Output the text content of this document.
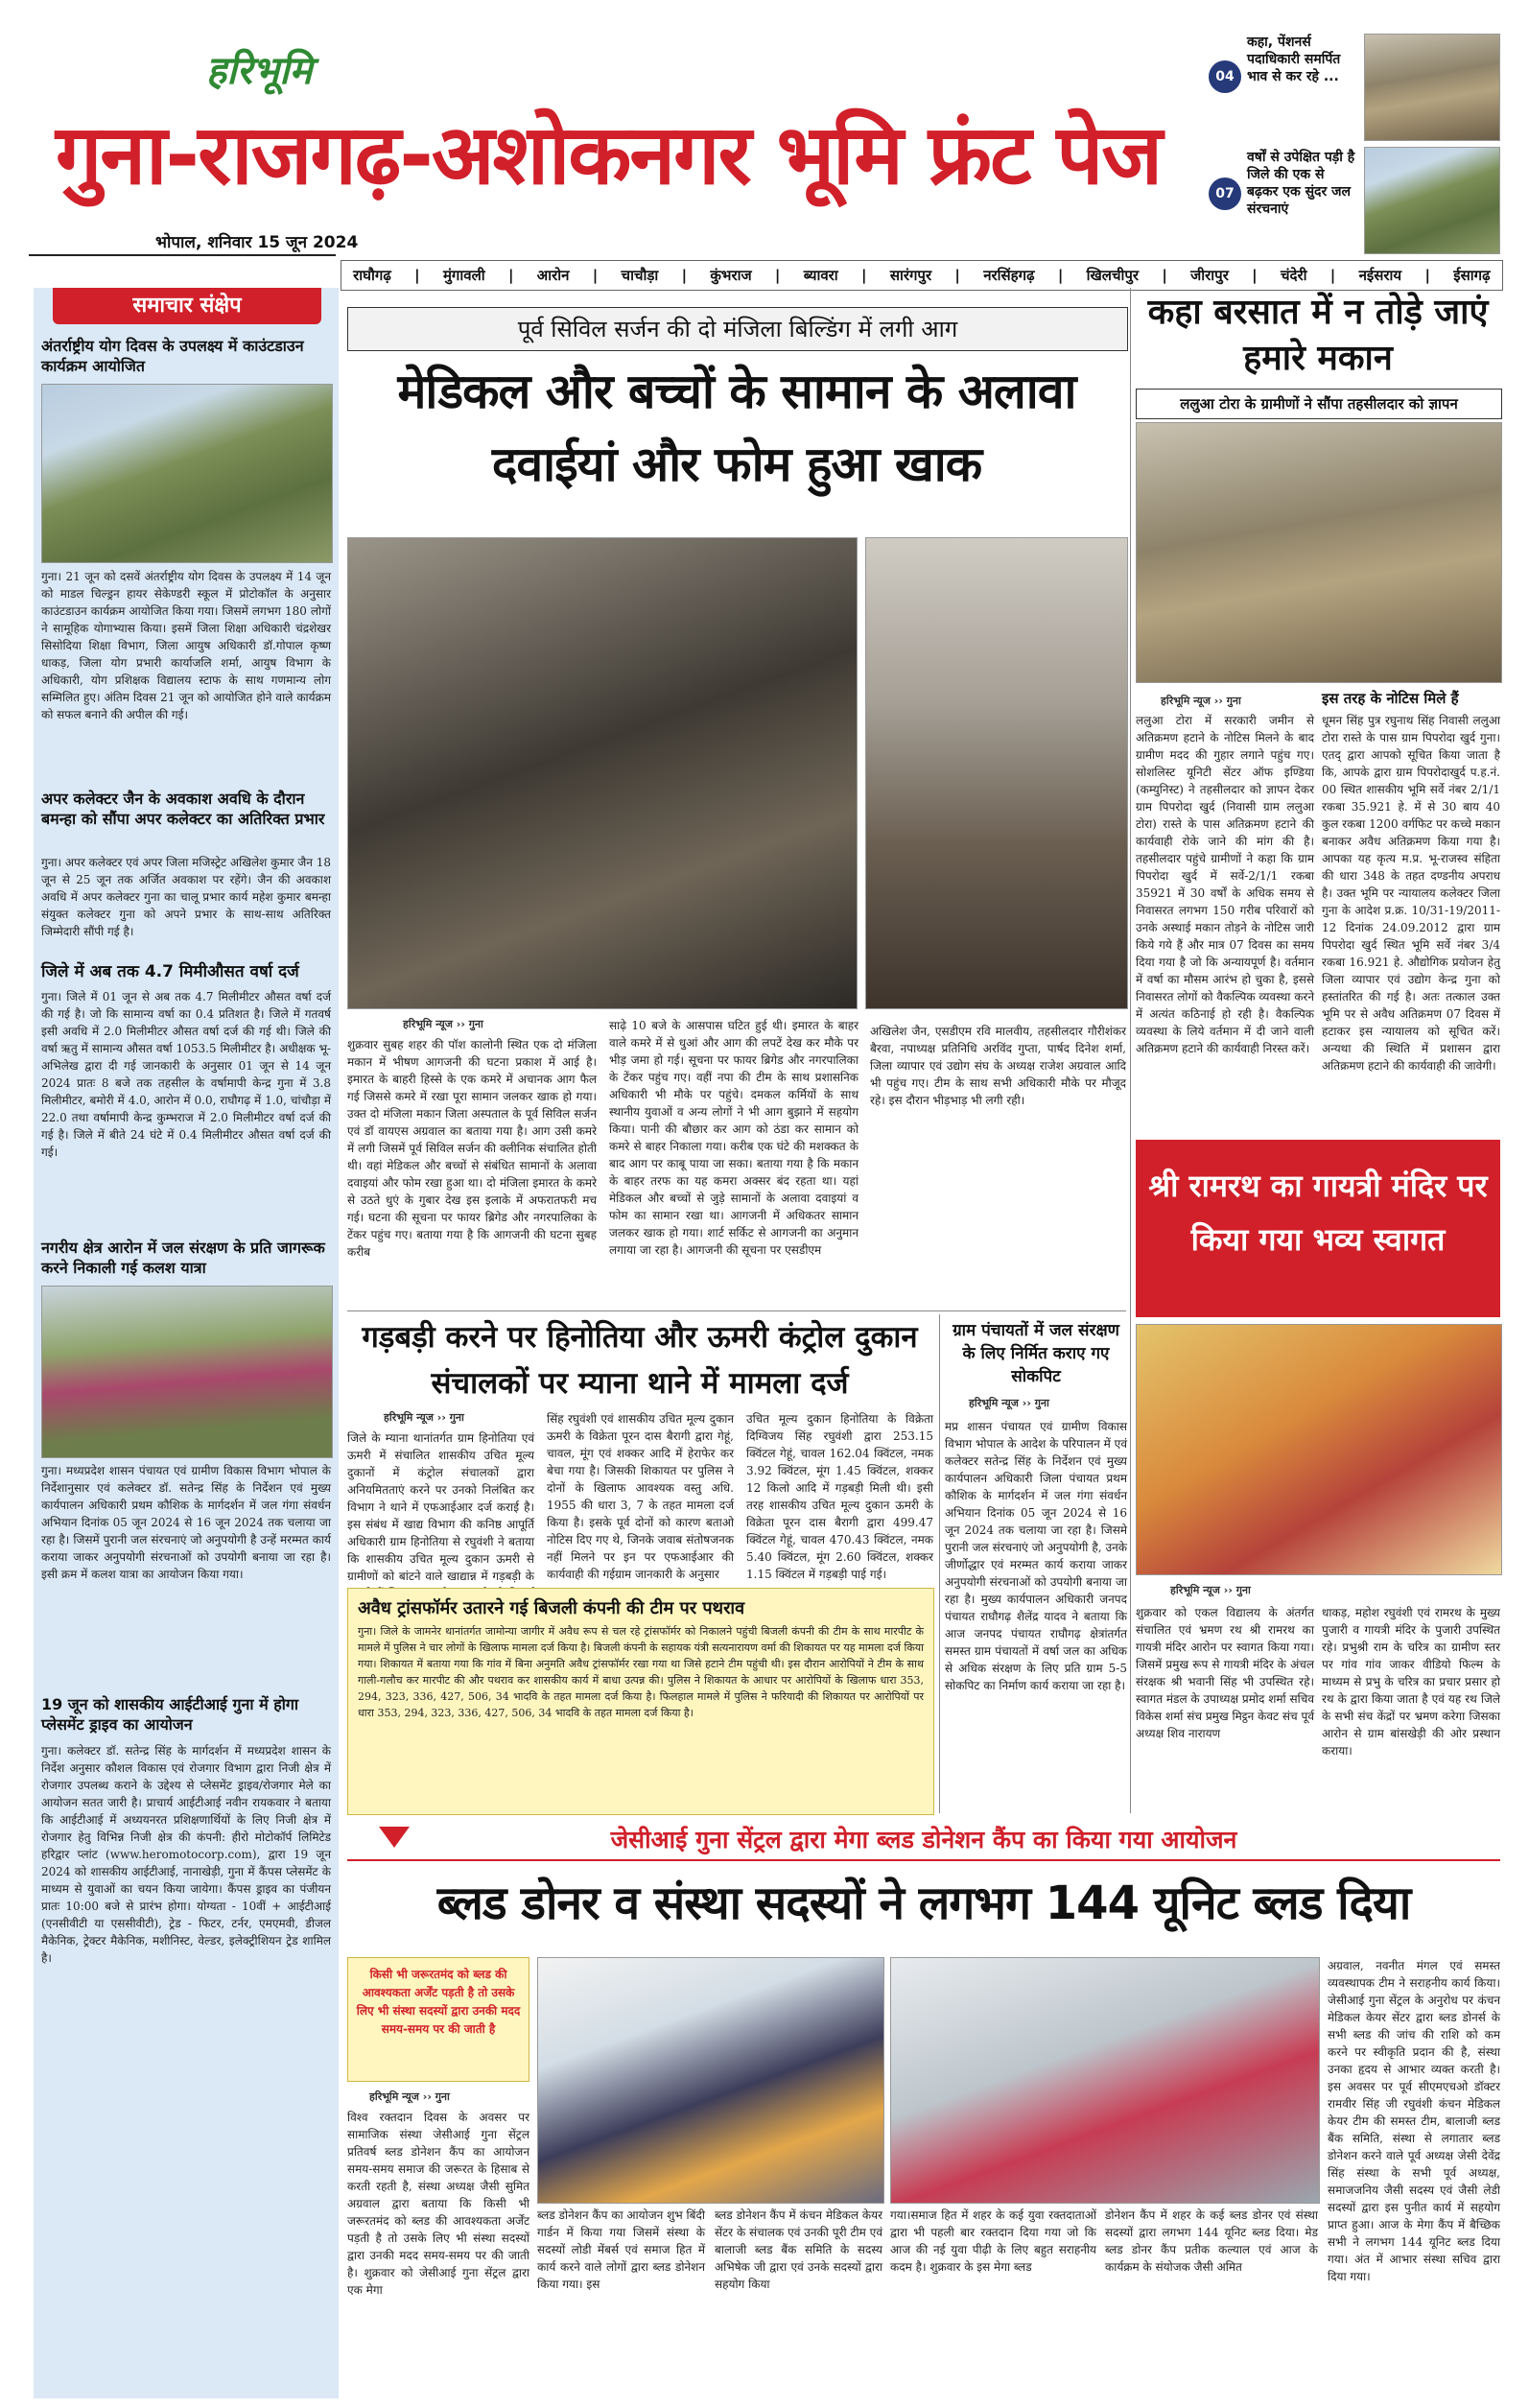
हरिभूमि
गुना-राजगढ़-अशोकनगर भूमि फ्रंट पेज
भोपाल, शनिवार 15 जून 2024
04
कहा, पेंशनर्स पदाधिकारी समर्पित भाव से कर रहे ...
07
वर्षों से उपेक्षित पड़ी है जिले की एक से बढ़कर एक सुंदर जल संरचनाएं
राघौगढ़ | मुंगावली | आरोन | चाचौड़ा | कुंभराज | ब्यावरा | सारंगपुर | नरसिंहगढ़ | खिलचीपुर | जीरापुर | चंदेरी | नईसराय | ईसागढ़
समाचार संक्षेप
अंतर्राष्ट्रीय योग दिवस के उपलक्ष्य में काउंटडाउन कार्यक्रम आयोजित
गुना। 21 जून को दसवें अंतर्राष्ट्रीय योग दिवस के उपलक्ष्य में 14 जून को माडल चिल्ड्रन हायर सेकेण्डरी स्कूल में प्रोटोकॉल के अनुसार काउंटडाउन कार्यक्रम आयोजित किया गया। जिसमें लगभग 180 लोगों ने सामूहिक योगाभ्यास किया। इसमें जिला शिक्षा अधिकारी चंद्रशेखर सिसोदिया शिक्षा विभाग, जिला आयुष अधिकारी डॉ.गोपाल कृष्ण धाकड़, जिला योग प्रभारी कार्याजलि शर्मा, आयुष विभाग के अधिकारी, योग प्रशिक्षक विद्यालय स्टाफ के साथ गणमान्य लोग सम्मिलित हुए। अंतिम दिवस 21 जून को आयोजित होने वाले कार्यक्रम को सफल बनाने की अपील की गई।
अपर कलेक्टर जैन के अवकाश अवधि के दौरान बमन्हा को सौंपा अपर कलेक्टर का अतिरिक्त प्रभार
गुना। अपर कलेक्टर एवं अपर जिला मजिस्ट्रेट अखिलेश कुमार जैन 18 जून से 25 जून तक अर्जित अवकाश पर रहेंगे। जैन की अवकाश अवधि में अपर कलेक्टर गुना का चालू प्रभार कार्य महेश कुमार बमन्हा संयुक्त कलेक्टर गुना को अपने प्रभार के साथ-साथ अतिरिक्त जिम्मेदारी सौंपी गई है।
जिले में अब तक 4.7 मिमीऔसत वर्षा दर्ज
गुना। जिले में 01 जून से अब तक 4.7 मिलीमीटर औसत वर्षा दर्ज की गई है। जो कि सामान्य वर्षा का 0.4 प्रतिशत है। जिले में गतवर्ष इसी अवधि में 2.0 मिलीमीटर औसत वर्षा दर्ज की गई थी। जिले की वर्षा ऋतु में सामान्य औसत वर्षा 1053.5 मिलीमीटर है। अधीक्षक भू-अभिलेख द्वारा दी गई जानकारी के अनुसार 01 जून से 14 जून 2024 प्रातः 8 बजे तक तहसील के वर्षामापी केन्द्र गुना में 3.8 मिलीमीटर, बमोरी में 4.0, आरोन में 0.0, राघौगढ़ में 1.0, चांचौड़ा में 22.0 तथा वर्षामापी केन्द्र कुम्भराज में 2.0 मिलीमीटर वर्षा दर्ज की गई है। जिले में बीते 24 घंटे में 0.4 मिलीमीटर औसत वर्षा दर्ज की गई।
नगरीय क्षेत्र आरोन में जल संरक्षण के प्रति जागरूक करने निकाली गई कलश यात्रा
गुना। मध्यप्रदेश शासन पंचायत एवं ग्रामीण विकास विभाग भोपाल के निर्देशानुसार एवं कलेक्टर डॉ. सतेन्द्र सिंह के निर्देशन एवं मुख्य कार्यपालन अधिकारी प्रथम कौशिक के मार्गदर्शन में जल गंगा संवर्धन अभियान दिनांक 05 जून 2024 से 16 जून 2024 तक चलाया जा रहा है। जिसमें पुरानी जल संरचनाएं जो अनुपयोगी है उन्हें मरम्मत कार्य कराया जाकर अनुपयोगी संरचनाओं को उपयोगी बनाया जा रहा है। इसी क्रम में कलश यात्रा का आयोजन किया गया।
19 जून को शासकीय आईटीआई गुना में होगा प्लेसमेंट ड्राइव का आयोजन
गुना। कलेक्टर डॉ. सतेन्द्र सिंह के मार्गदर्शन में मध्यप्रदेश शासन के निर्देश अनुसार कौशल विकास एवं रोजगार विभाग द्वारा निजी क्षेत्र में रोजगार उपलब्ध कराने के उद्देश्य से प्लेसमेंट ड्राइव/रोजगार मेले का आयोजन सतत जारी है। प्राचार्य आईटीआई नवीन रायकवार ने बताया कि आईटीआई में अध्ययनरत प्रशिक्षणार्थियों के लिए निजी क्षेत्र में रोजगार हेतु विभिन्न निजी क्षेत्र की कंपनी: हीरो मोटोकॉर्प लिमिटेड हरिद्वार प्लांट (www.heromotocorp.com), द्वारा 19 जून 2024 को शासकीय आईटीआई, नानाखेड़ी, गुना में कैंपस प्लेसमेंट के माध्यम से युवाओं का चयन किया जायेगा। कैंपस ड्राइव का पंजीयन प्रातः 10:00 बजे से प्रारंभ होगा। योग्यता - 10वीं + आईटीआई (एनसीवीटी या एससीवीटी), ट्रेड - फिटर, टर्नर, एमएमवी, डीजल मैकेनिक, ट्रेक्टर मैकेनिक, मशीनिस्ट, वेल्डर, इलेक्ट्रीशियन ट्रेड शामिल है।
पूर्व सिविल सर्जन की दो मंजिला बिल्डिंग में लगी आग
मेडिकल और बच्चों के सामान के अलावा दवाईयां और फोम हुआ खाक
हरिभूमि न्यूज ›› गुना
शुक्रवार सुबह शहर की पॉश कालोनी स्थित एक दो मंजिला मकान में भीषण आगजनी की घटना प्रकाश में आई है। इमारत के बाहरी हिस्से के एक कमरे में अचानक आग फैल गई जिससे कमरे में रखा पूरा सामान जलकर खाक हो गया। उक्त दो मंजिला मकान जिला अस्पताल के पूर्व सिविल सर्जन एवं डॉ वायएस अग्रवाल का बताया गया है। आग उसी कमरे में लगी जिसमें पूर्व सिविल सर्जन की क्लीनिक संचालित होती थी। वहां मेडिकल और बच्चों से संबंधित सामानों के अलावा दवाइयां और फोम रखा हुआ था। दो मंजिला इमारत के कमरे से उठते धुएं के गुबार देख इस इलाके में अफरातफरी मच गई। घटना की सूचना पर फायर ब्रिगेड और नगरपालिका के टेंकर पहुंच गए। बताया गया है कि आगजनी की घटना सुबह करीब
साढ़े 10 बजे के आसपास घटित हुई थी। इमारत के बाहर वाले कमरे में से धुआं और आग की लपटें देख कर मौके पर भीड़ जमा हो गई। सूचना पर फायर ब्रिगेड और नगरपालिका के टेंकर पहुंच गए। वहीं नपा की टीम के साथ प्रशासनिक अधिकारी भी मौके पर पहुंचे। दमकल कर्मियों के साथ स्थानीय युवाओं व अन्य लोगों ने भी आग बुझाने में सहयोग किया। पानी की बौछार कर आग को ठंडा कर सामान को कमरे से बाहर निकाला गया। करीब एक घंटे की मशक्कत के बाद आग पर काबू पाया जा सका। बताया गया है कि मकान के बाहर तरफ का यह कमरा अक्सर बंद रहता था। यहां मेडिकल और बच्चों से जुड़े सामानों के अलावा दवाइयां व फोम का सामान रखा था। आगजनी में अधिकतर सामान जलकर खाक हो गया। शार्ट सर्किट से आगजनी का अनुमान लगाया जा रहा है। आगजनी की सूचना पर एसडीएम
अखिलेश जैन, एसडीएम रवि मालवीय, तहसीलदार गौरीशंकर बैरवा, नपाध्यक्ष प्रतिनिधि अरविंद गुप्ता, पार्षद दिनेश शर्मा, जिला व्यापार एवं उद्योग संघ के अध्यक्ष राजेश अग्रवाल आदि भी पहुंच गए। टीम के साथ सभी अधिकारी मौके पर मौजूद रहे। इस दौरान भीड़भाड़ भी लगी रही।
कहा बरसात में न तोड़े जाएं हमारे मकान
ललुआ टोरा के ग्रामीणों ने सौंपा तहसीलदार को ज्ञापन
हरिभूमि न्यूज ›› गुना
ललुआ टोरा में सरकारी जमीन से अतिक्रमण हटाने के नोटिस मिलने के बाद ग्रामीण मदद की गुहार लगाने पहुंच गए। सोशलिस्ट यूनिटी सेंटर ऑफ इण्डिया (कम्युनिस्ट) ने तहसीलदार को ज्ञापन देकर ग्राम पिपरोदा खुर्द (निवासी ग्राम ललुआ टोरा) रास्ते के पास अतिक्रमण हटाने की कार्यवाही रोके जाने की मांग की है। तहसीलदार पहुंचे ग्रामीणों ने कहा कि ग्राम पिपरोदा खुर्द में सर्वे-2/1/1 रकबा 35921 में 30 वर्षों के अधिक समय से निवासरत लगभग 150 गरीब परिवारों को उनके अस्थाई मकान तोड़ने के नोटिस जारी किये गये हैं और मात्र 07 दिवस का समय दिया गया है जो कि अन्यायपूर्ण है। वर्तमान में वर्षा का मौसम आरंभ हो चुका है, इससे निवासरत लोगों को वैकल्पिक व्यवस्था करने में अत्यंत कठिनाई हो रही है। वैकल्पिक व्यवस्था के लिये वर्तमान में दी जाने वाली अतिक्रमण हटाने की कार्यवाही निरस्त करें।
इस तरह के नोटिस मिले हैं
धूमन सिंह पुत्र रघुनाथ सिंह निवासी ललुआ टोरा रास्ते के पास ग्राम पिपरोदा खुर्द गुना। एतद् द्वारा आपको सूचित किया जाता है कि, आपके द्वारा ग्राम पिपरोदाखुर्द प.ह.नं. 00 स्थित शासकीय भूमि सर्वे नंबर 2/1/1 रकबा 35.921 हे. में से 30 बाय 40 कुल रकबा 1200 वर्गफिट पर कच्चे मकान बनाकर अवैध अतिक्रमण किया गया है। आपका यह कृत्य म.प्र. भू-राजस्व संहिता की धारा 348 के तहत दण्डनीय अपराध है। उक्त भूमि पर न्यायालय कलेक्टर जिला गुना के आदेश प्र.क्र. 10/31-19/2011-12 दिनांक 24.09.2012 द्वारा ग्राम पिपरोदा खुर्द स्थित भूमि सर्वे नंबर 3/4 रकबा 16.921 हे. औद्योगिक प्रयोजन हेतु जिला व्यापार एवं उद्योग केन्द्र गुना को हस्तांतरित की गई है। अतः तत्काल उक्त भूमि पर से अवैध अतिक्रमण 07 दिवस में हटाकर इस न्यायालय को सूचित करें। अन्यथा की स्थिति में प्रशासन द्वारा अतिक्रमण हटाने की कार्यवाही की जावेगी।
गड़बड़ी करने पर हिनोतिया और ऊमरी कंट्रोल दुकान संचालकों पर म्याना थाने में मामला दर्ज
हरिभूमि न्यूज ›› गुना
जिले के म्याना थानांतर्गत ग्राम हिनोतिया एवं ऊमरी में संचालित शासकीय उचित मूल्य दुकानों में कंट्रोल संचालकों द्वारा अनियमितताएं करने पर उनको निलंबित कर विभाग ने थाने में एफआईआर दर्ज कराई है। इस संबंध में खाद्य विभाग की कनिष्ठ आपूर्ति अधिकारी ग्राम हिनोतिया से रघुवंशी ने बताया कि शासकीय उचित मूल्य दुकान ऊमरी से ग्रामीणों को बांटने वाले खाद्यान्न में गड़बड़ी के
सिंह रघुवंशी एवं शासकीय उचित मूल्य दुकान ऊमरी के विक्रेता पूरन दास बैरागी द्वारा गेहूं, चावल, मूंग एवं शक्कर आदि में हेराफेर कर बेचा गया है। जिसकी शिकायत पर पुलिस ने दोनों के खिलाफ आवश्यक वस्तु अधि. 1955 की धारा 3, 7 के तहत मामला दर्ज किया है। इसके पूर्व दोनों को कारण बताओ नोटिस दिए गए थे, जिनके जवाब संतोषजनक नहीं मिलने पर इन पर एफआईआर की कार्यवाही की गईग्राम जानकारी के अनुसार
उचित मूल्य दुकान हिनोतिया के विक्रेता दिग्विजय सिंह रघुवंशी द्वारा 253.15 क्विंटल गेहूं, चावल 162.04 क्विंटल, नमक 3.92 क्विंटल, मूंग 1.45 क्विंटल, शक्कर 12 किलो आदि में गड़बड़ी मिली थी। इसी तरह शासकीय उचित मूल्य दुकान ऊमरी के विक्रेता पूरन दास बैरागी द्वारा 499.47 क्विंटल गेहूं, चावल 470.43 क्विंटल, नमक 5.40 क्विंटल, मूंग 2.60 क्विंटल, शक्कर 1.15 क्विंटल में गड़बड़ी पाई गई।
अवैध ट्रांसफॉर्मर उतारने गई बिजली कंपनी की टीम पर पथराव
गुना। जिले के जामनेर थानांतर्गत जामोन्या जागीर में अवैध रूप से चल रहे ट्रांसफॉर्मर को निकालने पहुंची बिजली कंपनी की टीम के साथ मारपीट के मामले में पुलिस ने चार लोगों के खिलाफ मामला दर्ज किया है। बिजली कंपनी के सहायक यंत्री सत्यनारायण वर्मा की शिकायत पर यह मामला दर्ज किया गया। शिकायत में बताया गया कि गांव में बिना अनुमति अवैध ट्रांसफॉर्मर रखा गया था जिसे हटाने टीम पहुंची थी। इस दौरान आरोपियों ने टीम के साथ गाली-गलौच कर मारपीट की और पथराव कर शासकीय कार्य में बाधा उत्पन्न की। पुलिस ने शिकायत के आधार पर आरोपियों के खिलाफ धारा 353, 294, 323, 336, 427, 506, 34 भादवि के तहत मामला दर्ज किया है। फिलहाल मामले में पुलिस ने फरियादी की शिकायत पर आरोपियों पर धारा 353, 294, 323, 336, 427, 506, 34 भादवि के तहत मामला दर्ज किया है।
ग्राम पंचायतों में जल संरक्षण के लिए निर्मित कराए गए सोकपिट
हरिभूमि न्यूज ›› गुना
मप्र शासन पंचायत एवं ग्रामीण विकास विभाग भोपाल के आदेश के परिपालन में एवं कलेक्टर सतेन्द्र सिंह के निर्देशन एवं मुख्य कार्यपालन अधिकारी जिला पंचायत प्रथम कौशिक के मार्गदर्शन में जल गंगा संवर्धन अभियान दिनांक 05 जून 2024 से 16 जून 2024 तक चलाया जा रहा है। जिसमे पुरानी जल संरचनाएं जो अनुपयोगी है, उनके जीर्णोद्धार एवं मरम्मत कार्य कराया जाकर अनुपयोगी संरचनाओं को उपयोगी बनाया जा रहा है। मुख्य कार्यपालन अधिकारी जनपद पंचायत राघौगढ़ शैलेंद्र यादव ने बताया कि आज जनपद पंचायत राघौगढ़ क्षेत्रांतर्गत समस्त ग्राम पंचायतों में वर्षा जल का अधिक से अधिक संरक्षण के लिए प्रति ग्राम 5-5 सोकपिट का निर्माण कार्य कराया जा रहा है।
श्री रामरथ का गायत्री मंदिर पर किया गया भव्य स्वागत
हरिभूमि न्यूज ›› गुना
शुक्रवार को एकल विद्यालय के अंतर्गत संचालित एवं भ्रमण रथ श्री रामरथ का गायत्री मंदिर आरोन पर स्वागत किया गया। जिसमें प्रमुख रूप से गायत्री मंदिर के अंचल संरक्षक श्री भवानी सिंह भी उपस्थित रहे। स्वागत मंडल के उपाध्यक्ष प्रमोद शर्मा सचिव विकेस शर्मा संच प्रमुख मिट्ठन केवट संच पूर्व अध्यक्ष शिव नारायण
धाकड़, महोश रघुवंशी एवं रामरथ के मुख्य पुजारी व गायत्री मंदिर के पुजारी उपस्थित रहे। प्रभुश्री राम के चरित्र का ग्रामीण स्तर पर गांव गांव जाकर वीडियो फिल्म के माध्यम से प्रभु के चरित्र का प्रचार प्रसार हो रथ के द्वारा किया जाता है एवं यह रथ जिले के सभी संच केंद्रों पर भ्रमण करेगा जिसका आरोन से ग्राम बांसखेड़ी की ओर प्रस्थान कराया।
जेसीआई गुना सेंट्रल द्वारा मेगा ब्लड डोनेशन कैंप का किया गया आयोजन
ब्लड डोनर व संस्था सदस्यों ने लगभग 144 यूनिट ब्लड दिया
किसी भी जरूरतमंद को ब्लड की आवश्यकता अर्जेंट पड़ती है तो उसके लिए भी संस्था सदस्यों द्वारा उनकी मदद समय-समय पर की जाती है
हरिभूमि न्यूज ›› गुना
विश्व रक्तदान दिवस के अवसर पर सामाजिक संस्था जेसीआई गुना सेंट्रल प्रतिवर्ष ब्लड डोनेशन कैंप का आयोजन समय-समय समाज की जरूरत के हिसाब से करती रहती है, संस्था अध्यक्ष जैसी सुमित अग्रवाल द्वारा बताया कि किसी भी जरूरतमंद को ब्लड की आवश्यकता अर्जेंट पड़ती है तो उसके लिए भी संस्था सदस्यों द्वारा उनकी मदद समय-समय पर की जाती है। शुक्रवार को जेसीआई गुना सेंट्रल द्वारा एक मेगा
ब्लड डोनेशन कैंप का आयोजन शुभ बिंदी गार्डन में किया गया जिसमें संस्था के सदस्यों लोडी मेंबर्स एवं समाज हित में कार्य करने वाले लोगों द्वारा ब्लड डोनेशन किया गया। इस
ब्लड डोनेशन कैंप में कंचन मेडिकल केयर सेंटर के संचालक एवं उनकी पूरी टीम एवं बालाजी ब्लड बैंक समिति के सदस्य अभिषेक जी द्वारा एवं उनके सदस्यों द्वारा सहयोग किया
गया।समाज हित में शहर के कई युवा रक्तदाताओं द्वारा भी पहली बार रक्तदान दिया गया जो कि आज की नई युवा पीढ़ी के लिए बहुत सराहनीय कदम है। शुक्रवार के इस मेगा ब्लड
डोनेशन कैंप में शहर के कई ब्लड डोनर एवं संस्था सदस्यों द्वारा लगभग 144 यूनिट ब्लड दिया। मेड ब्लड डोनर कैंप प्रतीक कल्याल एवं आज के कार्यक्रम के संयोजक जैसी अमित
अग्रवाल, नवनीत मंगल एवं समस्त व्यवस्थापक टीम ने सराहनीय कार्य किया। जेसीआई गुना सेंट्रल के अनुरोध पर कंचन मेडिकल केयर सेंटर द्वारा ब्लड डोनर्स के सभी ब्लड की जांच की राशि को कम करने पर स्वीकृति प्रदान की है, संस्था उनका हृदय से आभार व्यक्त करती है। इस अवसर पर पूर्व सीएमएचओ डॉक्टर रामवीर सिंह जी रघुवंशी कंचन मेडिकल केयर टीम की समस्त टीम, बालाजी ब्लड बैंक समिति, संस्था से लगातार ब्लड डोनेशन करने वाले पूर्व अध्यक्ष जेसी देवेंद्र सिंह संस्था के सभी पूर्व अध्यक्ष, समाजजनिय जैसी सदस्य एवं जैसी लेडी सदस्यों द्वारा इस पुनीत कार्य में सहयोग प्राप्त हुआ। आज के मेगा कैंप में बैच्छिक सभी ने लगभग 144 यूनिट ब्लड दिया गया। अंत में आभार संस्था सचिव द्वारा दिया गया।
